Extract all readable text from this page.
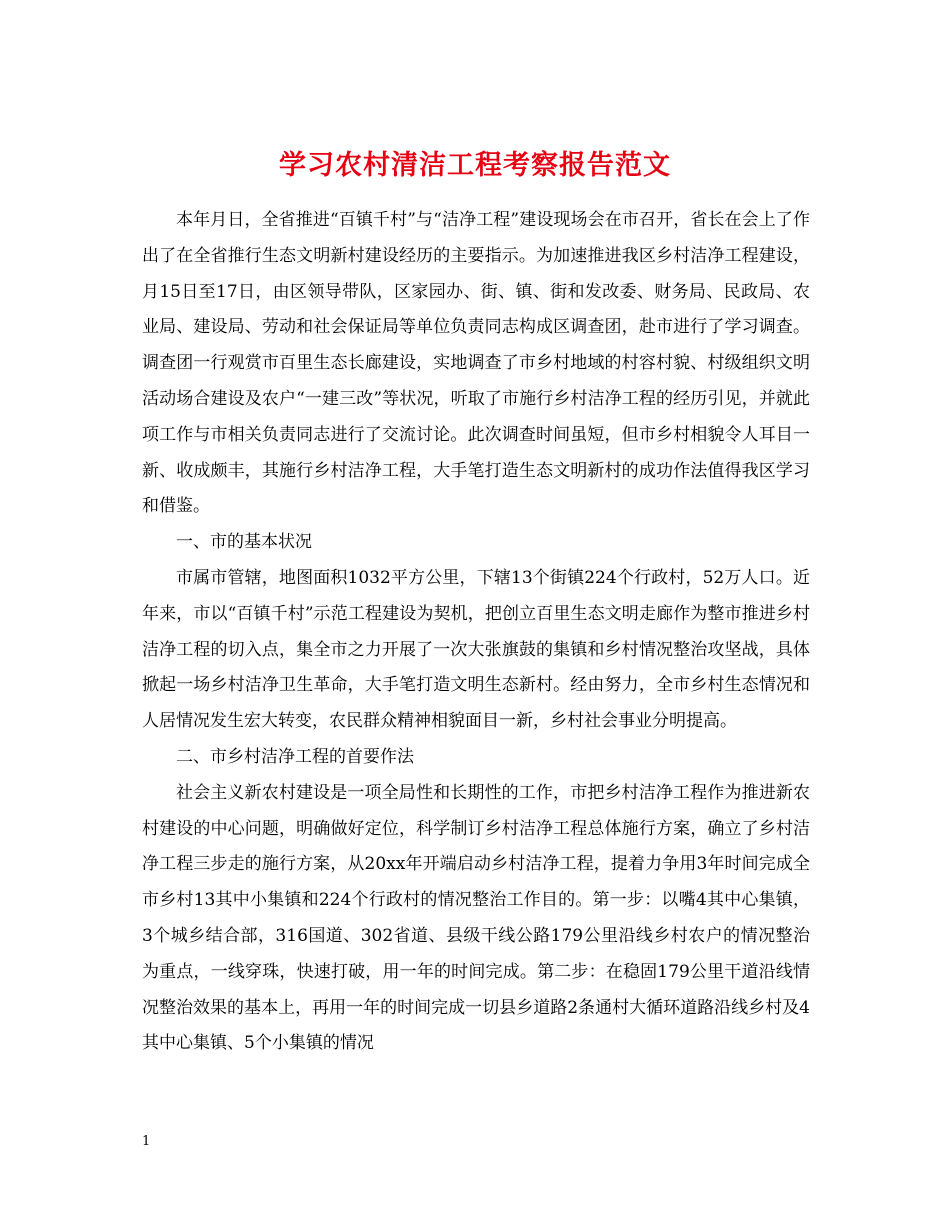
学习农村清洁工程考察报告范文

本年月日，全省推进“百镇千村”与“洁净工程”建设现场会在市召开，省长在会上了作出了在全省推行生态文明新村建设经历的主要指示。为加速推进我区乡村洁净工程建设，月15日至17日，由区领导带队，区家园办、街、镇、街和发改委、财务局、民政局、农业局、建设局、劳动和社会保证局等单位负责同志构成区调查团，赴市进行了学习调查。调查团一行观赏市百里生态长廊建设，实地调查了市乡村地域的村容村貌、村级组织文明活动场合建设及农户“一建三改”等状况，听取了市施行乡村洁净工程的经历引见，并就此项工作与市相关负责同志进行了交流讨论。此次调查时间虽短，但市乡村相貌令人耳目一新、收成颇丰，其施行乡村洁净工程，大手笔打造生态文明新村的成功作法值得我区学习和借鉴。

一、市的基本状况

市属市管辖，地图面积1032平方公里，下辖13个街镇224个行政村，52万人口。近年来，市以“百镇千村”示范工程建设为契机，把创立百里生态文明走廊作为整市推进乡村洁净工程的切入点，集全市之力开展了一次大张旗鼓的集镇和乡村情况整治攻坚战，具体掀起一场乡村洁净卫生革命，大手笔打造文明生态新村。经由努力，全市乡村生态情况和人居情况发生宏大转变，农民群众精神相貌面目一新，乡村社会事业分明提高。

二、市乡村洁净工程的首要作法

社会主义新农村建设是一项全局性和长期性的工作，市把乡村洁净工程作为推进新农村建设的中心问题，明确做好定位，科学制订乡村洁净工程总体施行方案，确立了乡村洁净工程三步走的施行方案，从20xx年开端启动乡村洁净工程，提着力争用3年时间完成全市乡村13其中小集镇和224个行政村的情况整治工作目的。第一步：以嘴4其中心集镇，3个城乡结合部，316国道、302省道、县级干线公路179公里沿线乡村农户的情况整治为重点，一线穿珠，快速打破，用一年的时间完成。第二步：在稳固179公里干道沿线情况整治效果的基本上，再用一年的时间完成一切县乡道路2条通村大循环道路沿线乡村及4其中心集镇、5个小集镇的情况

1
